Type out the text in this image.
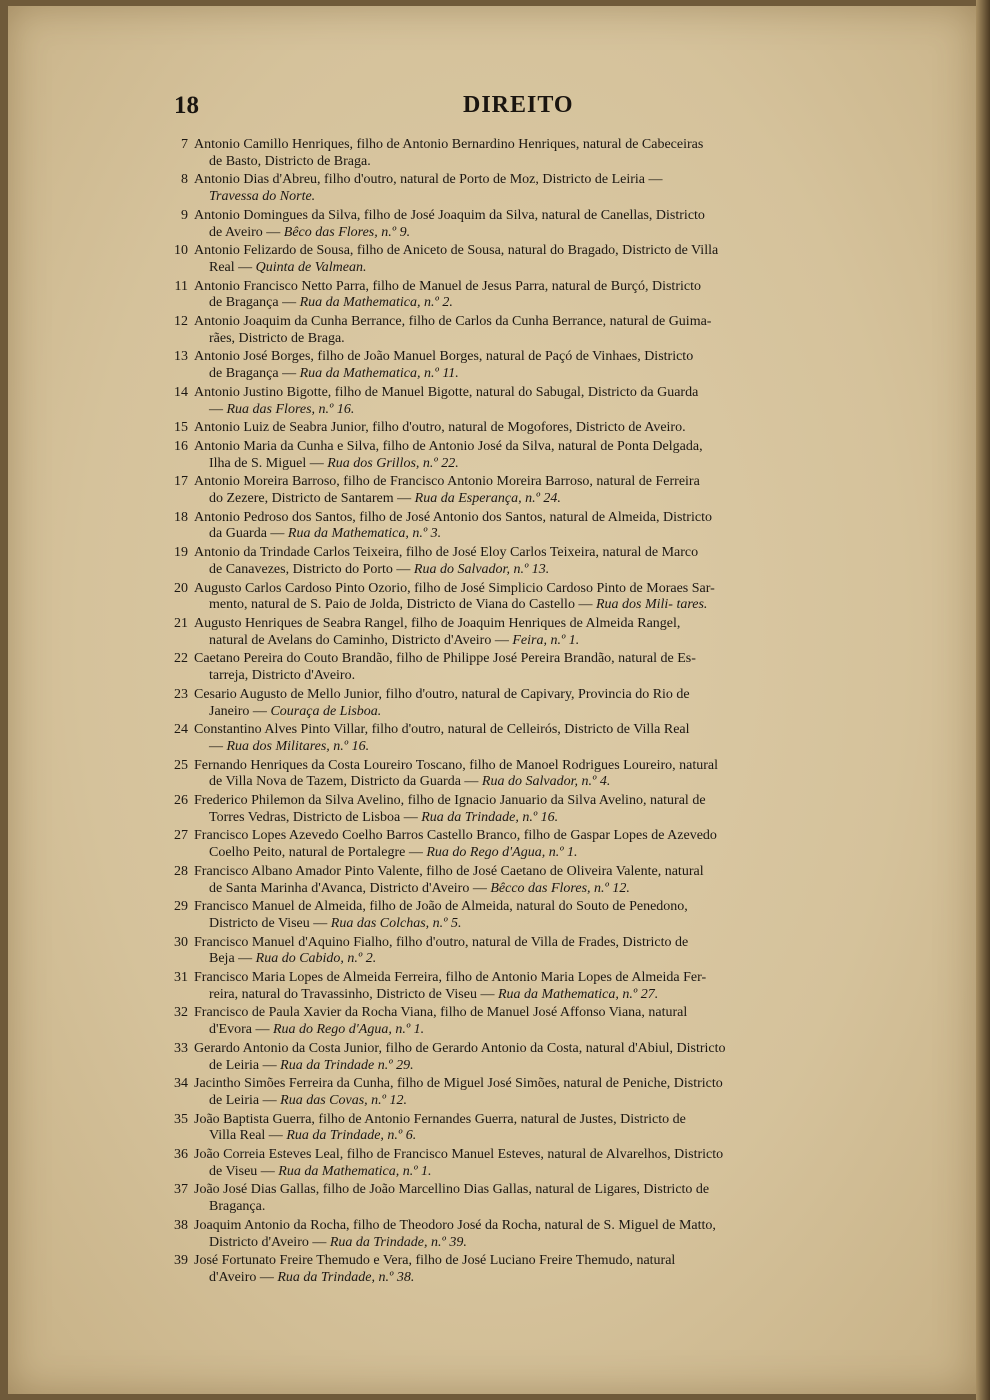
18	DIREITO
7 Antonio Camillo Henriques, filho de Antonio Bernardino Henriques, natural de Cabeceiras
de Basto, Districto de Braga.
8 Antonio Dias d'Abreu, filho d'outro, natural de Porto de Moz, Districto de Leiria —
Travessa do Norte.
9 Antonio Domingues da Silva, filho de José Joaquim da Silva, natural de Canellas, Districto
de Aveiro — Bêco das Flores, n.º 9.
10 Antonio Felizardo de Sousa, filho de Aniceto de Sousa, natural do Bragado, Districto de Villa
Real — Quinta de Valmean.
11 Antonio Francisco Netto Parra, filho de Manuel de Jesus Parra, natural de Burçó, Districto
de Bragança — Rua da Mathematica, n.º 2.
12 Antonio Joaquim da Cunha Berrance, filho de Carlos da Cunha Berrance, natural de Guima-
rães, Districto de Braga.
13 Antonio José Borges, filho de João Manuel Borges, natural de Paçó de Vinhaes, Districto
de Bragança — Rua da Mathematica, n.º 11.
14 Antonio Justino Bigotte, filho de Manuel Bigotte, natural do Sabugal, Districto da Guarda
— Rua das Flores, n.º 16.
15 Antonio Luiz de Seabra Junior, filho d'outro, natural de Mogofores, Districto de Aveiro.
16 Antonio Maria da Cunha e Silva, filho de Antonio José da Silva, natural de Ponta Delgada,
Ilha de S. Miguel — Rua dos Grillos, n.º 22.
17 Antonio Moreira Barroso, filho de Francisco Antonio Moreira Barroso, natural de Ferreira
do Zezere, Districto de Santarem — Rua da Esperança, n.º 24.
18 Antonio Pedroso dos Santos, filho de José Antonio dos Santos, natural de Almeida, Districto
da Guarda — Rua da Mathematica, n.º 3.
19 Antonio da Trindade Carlos Teixeira, filho de José Eloy Carlos Teixeira, natural de Marco
de Canavezes, Districto do Porto — Rua do Salvador, n.º 13.
20 Augusto Carlos Cardoso Pinto Ozorio, filho de José Simplicio Cardoso Pinto de Moraes Sar-
mento, natural de S. Paio de Jolda, Districto de Viana do Castello — Rua dos Mili- tares.
21 Augusto Henriques de Seabra Rangel, filho de Joaquim Henriques de Almeida Rangel,
natural de Avelans do Caminho, Districto d'Aveiro — Feira, n.º 1.
22 Caetano Pereira do Couto Brandão, filho de Philippe José Pereira Brandão, natural de Es-
tarreja, Districto d'Aveiro.
23 Cesario Augusto de Mello Junior, filho d'outro, natural de Capivary, Provincia do Rio de
Janeiro — Couraça de Lisboa.
24 Constantino Alves Pinto Villar, filho d'outro, natural de Celleirós, Districto de Villa Real
— Rua dos Militares, n.º 16.
25 Fernando Henriques da Costa Loureiro Toscano, filho de Manoel Rodrigues Loureiro, natural
de Villa Nova de Tazem, Districto da Guarda — Rua do Salvador, n.º 4.
26 Frederico Philemon da Silva Avelino, filho de Ignacio Januario da Silva Avelino, natural de
Torres Vedras, Districto de Lisboa — Rua da Trindade, n.º 16.
27 Francisco Lopes Azevedo Coelho Barros Castello Branco, filho de Gaspar Lopes de Azevedo
Coelho Peito, natural de Portalegre — Rua do Rego d'Agua, n.º 1.
28 Francisco Albano Amador Pinto Valente, filho de José Caetano de Oliveira Valente, natural
de Santa Marinha d'Avanca, Districto d'Aveiro — Bêcco das Flores, n.º 12.
29 Francisco Manuel de Almeida, filho de João de Almeida, natural do Souto de Penedono,
Districto de Viseu — Rua das Colchas, n.º 5.
30 Francisco Manuel d'Aquino Fialho, filho d'outro, natural de Villa de Frades, Districto de
Beja — Rua do Cabido, n.º 2.
31 Francisco Maria Lopes de Almeida Ferreira, filho de Antonio Maria Lopes de Almeida Fer-
reira, natural do Travassinho, Districto de Viseu — Rua da Mathematica, n.º 27.
32 Francisco de Paula Xavier da Rocha Viana, filho de Manuel José Affonso Viana, natural
d'Evora — Rua do Rego d'Agua, n.º 1.
33 Gerardo Antonio da Costa Junior, filho de Gerardo Antonio da Costa, natural d'Abiul, Districto
de Leiria — Rua da Trindade n.º 29.
34 Jacintho Simões Ferreira da Cunha, filho de Miguel José Simões, natural de Peniche, Districto
de Leiria — Rua das Covas, n.º 12.
35 João Baptista Guerra, filho de Antonio Fernandes Guerra, natural de Justes, Districto de
Villa Real — Rua da Trindade, n.º 6.
36 João Correia Esteves Leal, filho de Francisco Manuel Esteves, natural de Alvarelhos, Districto
de Viseu — Rua da Mathematica, n.º 1.
37 João José Dias Gallas, filho de João Marcellino Dias Gallas, natural de Ligares, Districto de
Bragança.
38 Joaquim Antonio da Rocha, filho de Theodoro José da Rocha, natural de S. Miguel de Matto,
Districto d'Aveiro — Rua da Trindade, n.º 39.
39 José Fortunato Freire Themudo e Vera, filho de José Luciano Freire Themudo, natural
d'Aveiro — Rua da Trindade, n.º 38.
